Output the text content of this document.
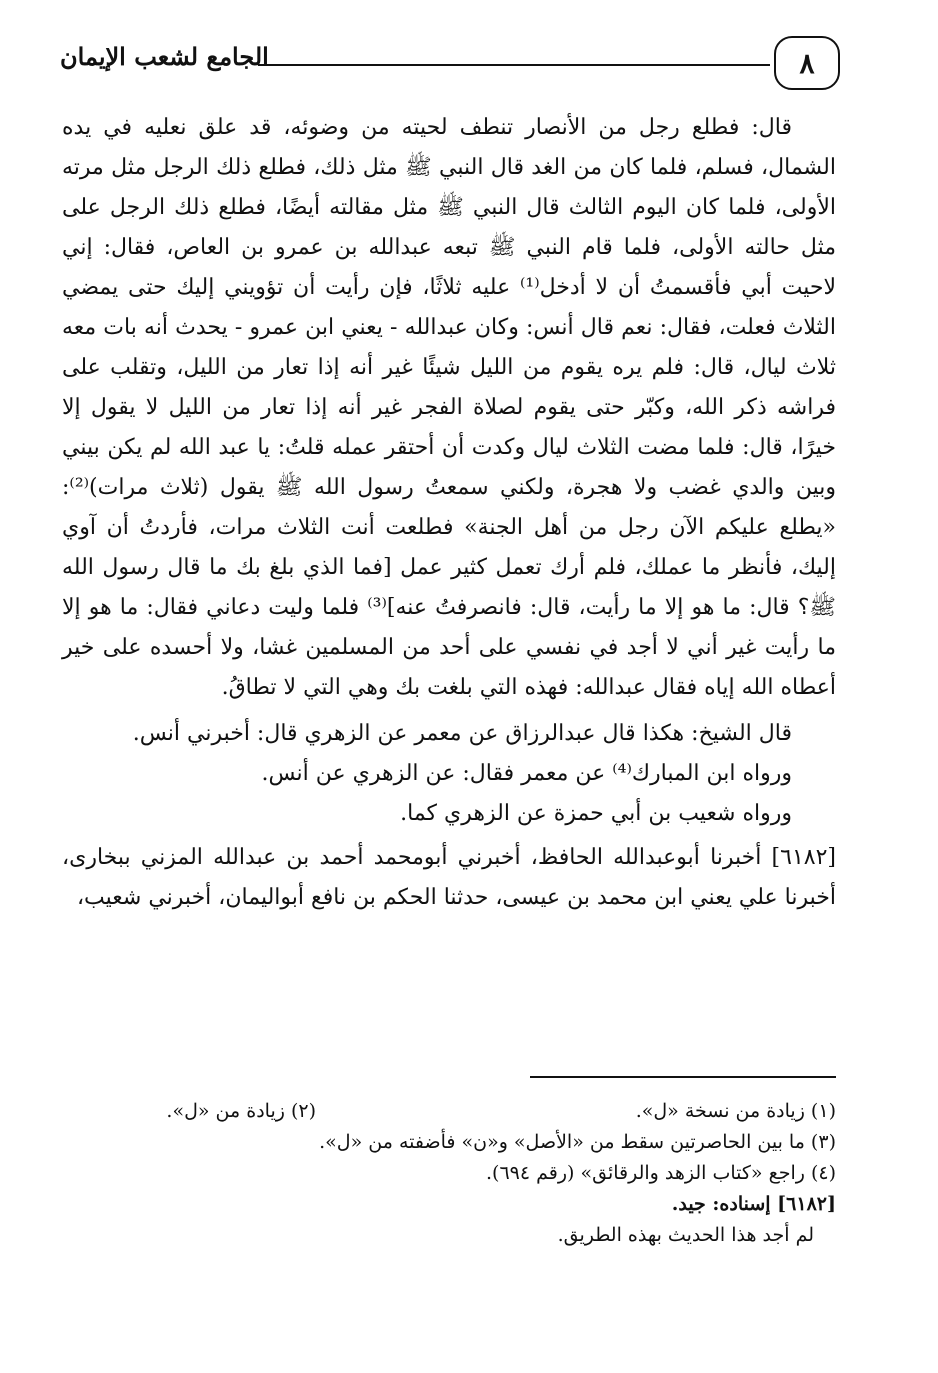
٨
الجامع لشعب الإيمان

قال: فطلع رجل من الأنصار تنطف لحيته من وضوئه، قد علق نعليه في يده الشمال، فسلم، فلما كان من الغد قال النبي ﷺ مثل ذلك، فطلع ذلك الرجل مثل مرته الأولى، فلما كان اليوم الثالث قال النبي ﷺ مثل مقالته أيضًا، فطلع ذلك الرجل على مثل حالته الأولى، فلما قام النبي ﷺ تبعه عبدالله بن عمرو بن العاص، فقال: إني لاحيت أبي فأقسمتُ أن لا أدخل⁽¹⁾ عليه ثلاثًا، فإن رأيت أن تؤويني إليك حتى يمضي الثلاث فعلت، فقال: نعم قال أنس: وكان عبدالله - يعني ابن عمرو - يحدث أنه بات معه ثلاث ليال، قال: فلم يره يقوم من الليل شيئًا غير أنه إذا تعار من الليل، وتقلب على فراشه ذكر الله، وكبّر حتى يقوم لصلاة الفجر غير أنه إذا تعار من الليل لا يقول إلا خيرًا، قال: فلما مضت الثلاث ليال وكدت أن أحتقر عمله قلتُ: يا عبد الله لم يكن بيني وبين والدي غضب ولا هجرة، ولكني سمعتُ رسول الله ﷺ يقول (ثلاث مرات)⁽²⁾: «يطلع عليكم الآن رجل من أهل الجنة» فطلعت أنت الثلاث مرات، فأردتُ أن آوي إليك، فأنظر ما عملك، فلم أرك تعمل كثير عمل [فما الذي بلغ بك ما قال رسول الله ﷺ؟ قال: ما هو إلا ما رأيت، قال: فانصرفتُ عنه]⁽³⁾ فلما وليت دعاني فقال: ما هو إلا ما رأيت غير أني لا أجد في نفسي على أحد من المسلمين غشا، ولا أحسده على خير أعطاه الله إياه فقال عبدالله: فهذه التي بلغت بك وهي التي لا تطاقُ.

قال الشيخ: هكذا قال عبدالرزاق عن معمر عن الزهري قال: أخبرني أنس.

ورواه ابن المبارك⁽⁴⁾ عن معمر فقال: عن الزهري عن أنس.

ورواه شعيب بن أبي حمزة عن الزهري كما.

[٦١٨٢] أخبرنا أبوعبدالله الحافظ، أخبرني أبومحمد أحمد بن عبدالله المزني ببخارى، أخبرنا علي يعني ابن محمد بن عيسى، حدثنا الحكم بن نافع أبواليمان، أخبرني شعيب،

(١) زيادة من نسخة «ل».
(٢) زيادة من «ل».
(٣) ما بين الحاصرتين سقط من «الأصل» و«ن» فأضفته من «ل».
(٤) راجع «كتاب الزهد والرقائق» (رقم ٦٩٤).
[٦١٨٢] إسناده: جيد.
لم أجد هذا الحديث بهذه الطريق.
